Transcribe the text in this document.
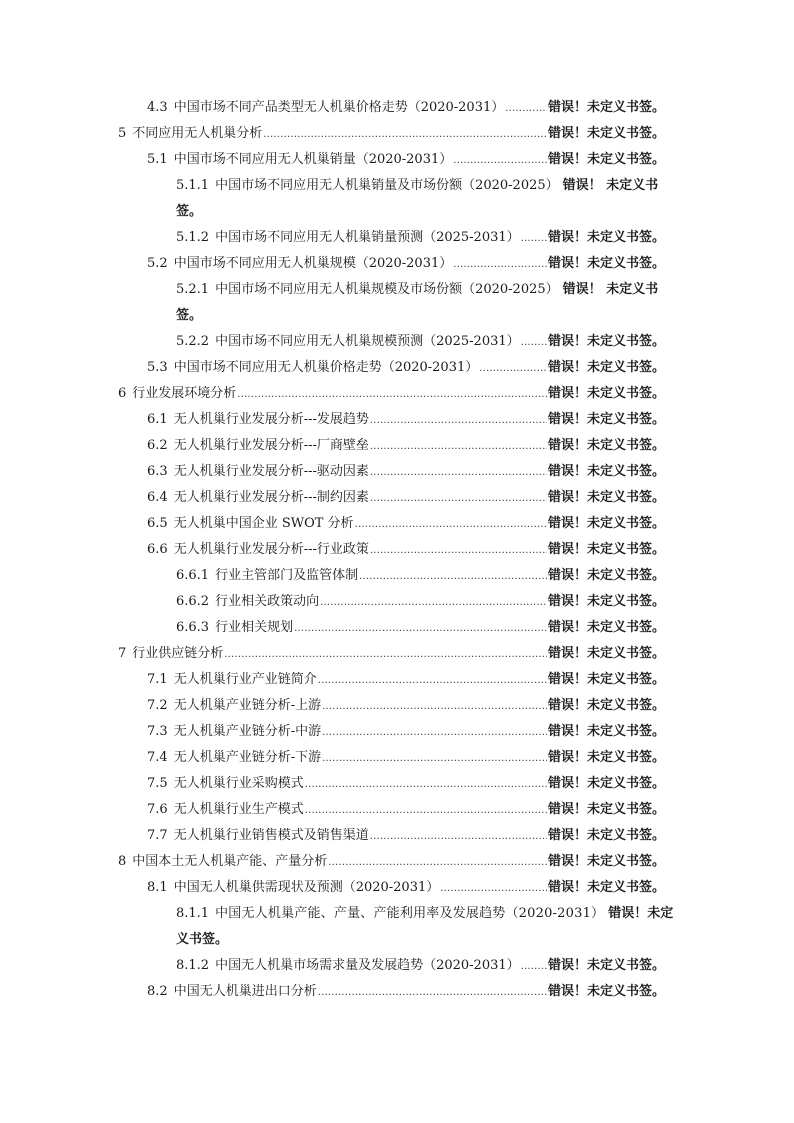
4.3 中国市场不同产品类型无人机巢价格走势（2020-2031） .....	错误！未定义书签。
5 不同应用无人机巢分析 .....	错误！未定义书签。
5.1 中国市场不同应用无人机巢销量（2020-2031） .....	错误！未定义书签。
5.1.1 中国市场不同应用无人机巢销量及市场份额（2020-2025） 错误！ 未定义书
签。
5.1.2 中国市场不同应用无人机巢销量预测（2025-2031） ..... 错误！未定义书签。
5.2 中国市场不同应用无人机巢规模（2020-2031） .....	错误！未定义书签。
5.2.1 中国市场不同应用无人机巢规模及市场份额（2020-2025） 错误！ 未定义书
签。
5.2.2 中国市场不同应用无人机巢规模预测（2025-2031） ..... 错误！未定义书签。
5.3 中国市场不同应用无人机巢价格走势（2020-2031） .....	错误！未定义书签。
6 行业发展环境分析 .....	错误！未定义书签。
6.1 无人机巢行业发展分析---发展趋势 .....	错误！未定义书签。
6.2 无人机巢行业发展分析---厂商壁垒 .....	错误！未定义书签。
6.3 无人机巢行业发展分析---驱动因素 .....	错误！未定义书签。
6.4 无人机巢行业发展分析---制约因素 .....	错误！未定义书签。
6.5 无人机巢中国企业 SWOT 分析 .....	错误！未定义书签。
6.6 无人机巢行业发展分析---行业政策 .....	错误！未定义书签。
6.6.1 行业主管部门及监管体制 .....	错误！未定义书签。
6.6.2 行业相关政策动向 .....	错误！未定义书签。
6.6.3 行业相关规划 .....	错误！未定义书签。
7 行业供应链分析 .....	错误！未定义书签。
7.1 无人机巢行业产业链简介 .....	错误！未定义书签。
7.2 无人机巢产业链分析-上游 .....	错误！未定义书签。
7.3 无人机巢产业链分析-中游 .....	错误！未定义书签。
7.4 无人机巢产业链分析-下游 .....	错误！未定义书签。
7.5 无人机巢行业采购模式 .....	错误！未定义书签。
7.6 无人机巢行业生产模式 .....	错误！未定义书签。
7.7 无人机巢行业销售模式及销售渠道 .....	错误！未定义书签。
8 中国本土无人机巢产能、产量分析 .....	错误！未定义书签。
8.1 中国无人机巢供需现状及预测（2020-2031） .....	错误！未定义书签。
8.1.1 中国无人机巢产能、产量、产能利用率及发展趋势（2020-2031） 错误！未定
义书签。
8.1.2 中国无人机巢市场需求量及发展趋势（2020-2031） ..... 错误！未定义书签。
8.2 中国无人机巢进出口分析 .....	错误！未定义书签。
